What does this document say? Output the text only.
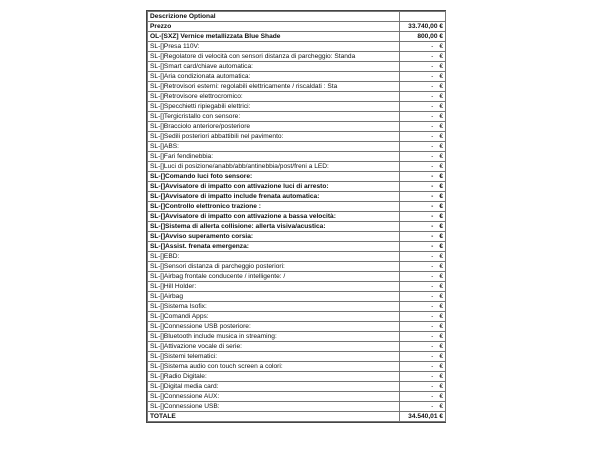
Descrizione Optional	
Prezzo	33.740,00 €
OL-[SXZ] Vernice metallizzata Blue Shade	800,00 €
SL-[]Presa 110V:	- €
SL-[]Regolatore di velocità con sensori distanza di parcheggio: Standa	- €
SL-[]Smart card/chiave automatica:	- €
SL-[]Aria condizionata automatica:	- €
SL-[]Retrovisori esterni: regolabili elettricamente / riscaldati : Sta	- €
SL-[]Retrovisore elettrocromico:	- €
SL-[]Specchietti ripiegabili elettrici:	- €
SL-[]Tergicristallo con sensore:	- €
SL-[]Bracciolo anteriore/posteriore	- €
SL-[]Sedili posteriori abbattibili nel pavimento:	- €
SL-[]ABS:	- €
SL-[]Fari fendinebbia:	- €
SL-[]Luci di posizione/anabb/abb/antinebbia/post/freni a LED:	- €
SL-[]Comando luci foto sensore:	- €
SL-[]Avvisatore di impatto con attivazione luci di arresto:	- €
SL-[]Avvisatore di impatto include frenata automatica:	- €
SL-[]Controllo elettronico trazione :	- €
SL-[]Avvisatore di impatto con attivazione a bassa velocità:	- €
SL-[]Sistema di allerta collisione: allerta visiva/acustica:	- €
SL-[]Avviso superamento corsia:	- €
SL-[]Assist. frenata emergenza:	- €
SL-[]EBD:	- €
SL-[]Sensori distanza di parcheggio posteriori:	- €
SL-[]Airbag frontale conducente / intelligente: /	- €
SL-[]Hill Holder:	- €
SL-[]Airbag	- €
SL-[]Sistema Isofix:	- €
SL-[]Comandi Apps:	- €
SL-[]Connessione USB posteriore:	- €
SL-[]Bluetooth include musica in streaming:	- €
SL-[]Attivazione vocale di serie:	- €
SL-[]Sistemi telematici:	- €
SL-[]Sistema audio con touch screen a colori:	- €
SL-[]Radio Digitale:	- €
SL-[]Digital media card:	- €
SL-[]Connessione AUX:	- €
SL-[]Connessione USB:	- €
TOTALE	34.540,01 €
